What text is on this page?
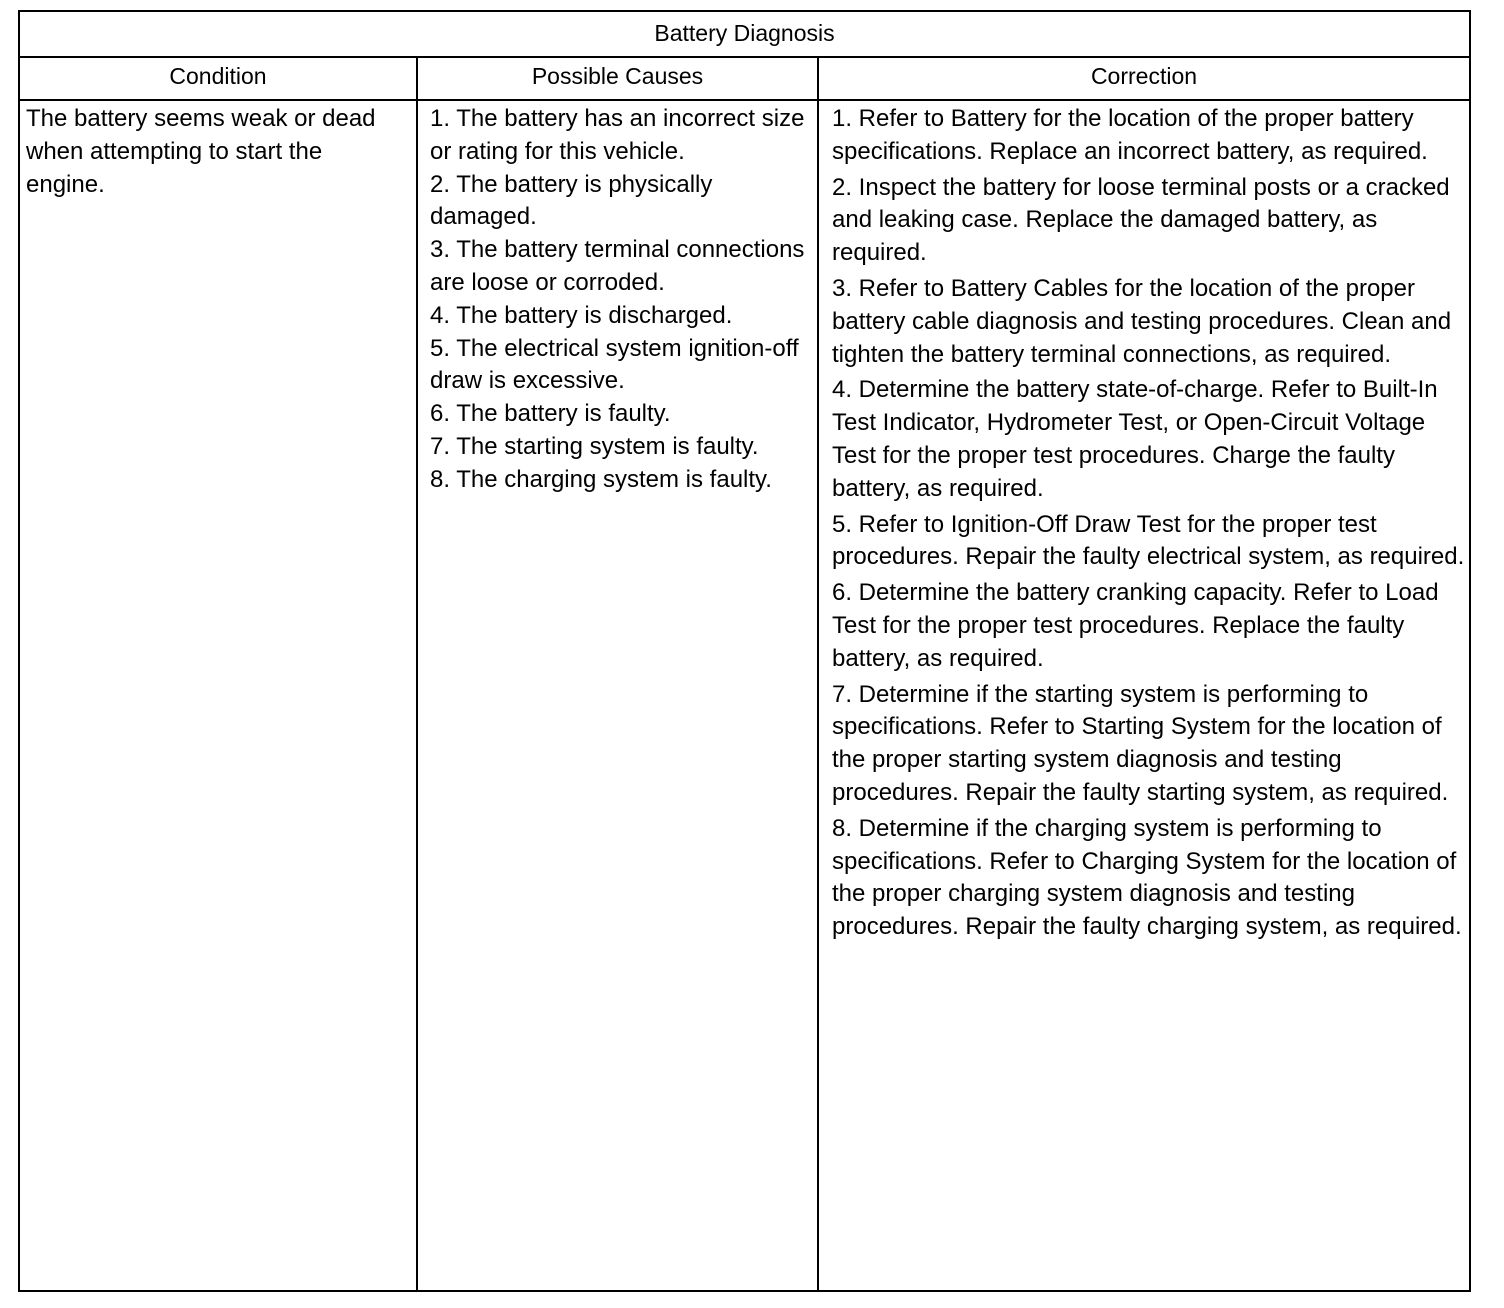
Battery Diagnosis
Condition	Possible Causes	Correction
The battery seems weak or dead when attempting to start the engine.

1. The battery has an incorrect size or rating for this vehicle.

2. The battery is physically damaged.

3. The battery terminal connections are loose or corroded.

4. The battery is discharged.

5. The electrical system ignition-off draw is excessive.

6. The battery is faulty.

7. The starting system is faulty.

8. The charging system is faulty.

1. Refer to Battery for the location of the proper battery specifications. Replace an incorrect battery, as required.

2. Inspect the battery for loose terminal posts or a cracked and leaking case. Replace the damaged battery, as required.

3. Refer to Battery Cables for the location of the proper battery cable diagnosis and testing procedures. Clean and tighten the battery terminal connections, as required.

4. Determine the battery state-of-charge. Refer to Built-In Test Indicator, Hydrometer Test, or Open-Circuit Voltage Test for the proper test procedures. Charge the faulty battery, as required.

5. Refer to Ignition-Off Draw Test for the proper test procedures. Repair the faulty electrical system, as required.

6. Determine the battery cranking capacity. Refer to Load Test for the proper test procedures. Replace the faulty battery, as required.

7. Determine if the starting system is performing to specifications. Refer to Starting System for the location of the proper starting system diagnosis and testing procedures. Repair the faulty starting system, as required.

8. Determine if the charging system is performing to specifications. Refer to Charging System for the location of the proper charging system diagnosis and testing procedures. Repair the faulty charging system, as required.
